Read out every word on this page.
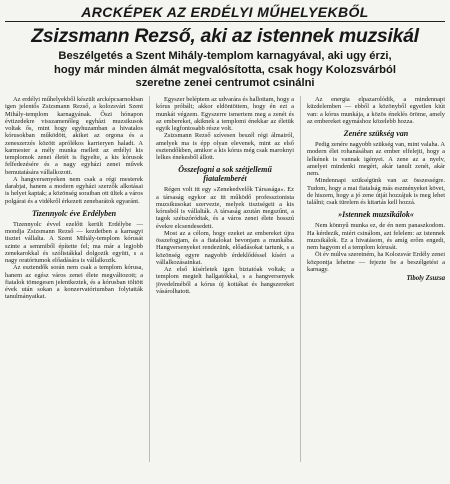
ARCKÉPEK AZ ERDÉLYI MŰHELYEKBŐL
Zsizsmann Rezső, aki az istennek muzsikál
Beszélgetés a Szent Mihály-templom karnagyával, aki ugy érzi,
hogy már minden álmát megvalósította, csak hogy Kolozsvárból
szeretne zenei centrumot csinálni

Az erdélyi műhelyekből készült arcképcsarnokban igen jelentős Zsizsmann Rezső, a kolozsvári Szent Mihály-templom karnagyának. Őszi hónapon évtizedekre visszamenőleg egyházi muzsikusok voltak ős, mint hogy egyhuzamban a hivatalos kórusokban működött, akiket az orgona és a zeneszerzés között aprólékos karrieryen haladt. A karmester a mély munka mellett az erdélyi kis templomok zenei életét is figyelte, a kis kórusok felfedezésére és a nagy egyházi zenei művek bemutatására vállalkozott.

A hangversenyeken nem csak a régi mesterek darabjai, hanem a modern egyházi szerzők alkotásai is helyet kaptak; a közönség soraiban ott ültek a város polgárai és a vidékről érkezett zenebarátok egyaránt.

Tizennyolc éve Erdélyben

Tizennyolc évvel ezelőtt került Erdélybe — mondja Zsizsmann Rezső — kezdetben a karnagyi tisztet vállalta. A Szent Mihály-templom kórusát szinte a semmiből építette fel; ma már a legjobb zenekarokkal és szólistákkal dolgozik együtt, s a nagy oratóriumok előadására is vállalkozik.

Az esztendők során nem csak a templom kórusa, hanem az egész város zenei élete megváltozott; a fiatalok tömegesen jelentkeztek, és a kórusban töltött évek után sokan a konzervatóriumban folytatták tanulmányaikat.

Egyszer beléptem az udvarára és hallottam, hogy a kórus próbált; akkor eldöntöttem, hogy én ezt a munkát végzem. Egyszerre ismertem meg a zenét és az embereket, akiknek a templomi énekkar az életük egyik legfontosabb része volt.

Zsizsmann Rezső szívesen beszél régi álmairól, amelyek ma is épp olyan elevenek, mint az első esztendőkben, amikor a kis kórus még csak maroknyi lelkes énekesből állott.

Összefogni a sok szétjellemű fiatalemberét

Régen volt itt egy »Zenekedvelők Társasága«. Ez a társaság egykor az itt működő professzionista muzsikusokat szervezte, melyek tisztségeit a kis kórusból is vállalták. A társaság azután megszűnt, a tagok szétszóródtak, és a város zenei élete hosszú évekre elcsendesedett.

Most az a célom, hogy ezeket az embereket újra összefogjam, és a fiatalokat bevonjam a munkába. Hangversenyeket rendezünk, előadásokat tartunk, s a közönség egyre nagyobb érdeklődéssel kíséri a vállalkozásainkat.

Az első kísérletek igen biztatóak voltak; a templom megtelt hallgatókkal, s a hangversenyek jövedelméből a kórus új kottákat és hangszereket vásárolhatott.

Az energia elpazarolódik, a mindennapi küzdelemben — ebből a közönyből egyetlen kiút van: a kórus munkája, a közös éneklés öröme, amely az embereket egymáshoz közelebb hozza.

Zenére szükség van

Pedig zenére nagyobb szükség van, mint valaha. A modern élet rohanásában az ember elfelejti, hogy a lelkének is vannak igényei. A zene az a nyelv, amelyet mindenki megért, akár tanult zenét, akár nem.

Mindennapi szükségünk van az összességre. Tudom, hogy a mai fiatalság más eszményeket követ, de hiszem, hogy a jó zene útját hozzájuk is meg lehet találni; csak türelem és kitartás kell hozzá.

»Istennek muzsikálok«

Nem könnyű munka ez, de én nem panaszkodom. Ha kérdezik, miért csinálom, azt felelem: az istennek muzsikálok. Ez a hivatásom, és amíg erőm engedi, nem hagyom el a templom kórusát.

Öt év múlva szeretném, ha Kolozsvár Erdély zenei központja lehetne — fejezte be a beszélgetést a karnagy.

Tiboly Zsuzsa
